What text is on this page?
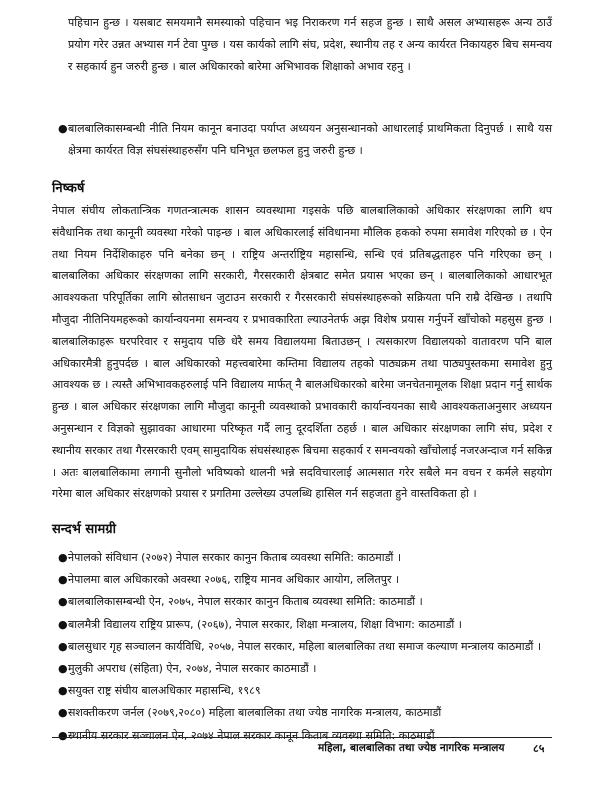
पहिचान हुन्छ । यसबाट समयमानै समस्याको पहिचान भइ निराकरण गर्न सहज हुन्छ । साथै असल अभ्यासहरू अन्य ठाउँ प्रयोग गरेर उन्नत अभ्यास गर्न टेवा पुग्छ । यस कार्यको लागि संघ, प्रदेश, स्थानीय तह र अन्य कार्यरत निकायहरु बिच समन्वय र सहकार्य हुन जरुरी हुन्छ । बाल अधिकारको बारेमा अभिभावक शिक्षाको अभाव रहनु ।

● बालबालिकासम्बन्धी नीति नियम कानून बनाउदा पर्याप्त अध्ययन अनुसन्धानको आधारलाई प्राथमिकता दिनुपर्छ । साथै यस क्षेत्रमा कार्यरत विज्ञ संघसंस्थाहरुसँग पनि घनिभूत छलफल हुनु जरुरी हुन्छ ।

निष्कर्ष

नेपाल संघीय लोकतान्त्रिक गणतन्त्रात्मक शासन व्यवस्थामा गइसके पछि बालबालिकाको अधिकार संरक्षणका लागि थप संवैधानिक तथा कानूनी व्यवस्था गरेको पाइन्छ । बाल अधिकारलाई संविधानमा मौलिक हकको रुपमा समावेश गरिएको छ । ऐन तथा नियम निर्देशिकाहरु पनि बनेका छन् । राष्ट्रिय अन्तर्राष्ट्रिय महासन्धि, सन्धि एवं प्रतिबद्धताहरु पनि गरिएका छन् । बालबालिका अधिकार संरक्षणका लागि सरकारी, गैरसरकारी क्षेत्रबाट समेत प्रयास भएका छन् । बालबालिकाको आधारभूत आवश्यकता परिपूर्तिका लागि स्रोतसाधन जुटाउन सरकारी र गैरसरकारी संघसंस्थाहरूको सक्रियता पनि राम्रै देखिन्छ । तथापि मौजुदा नीतिनियमहरूको कार्यान्वयनमा समन्वय र प्रभावकारिता ल्याउनेतर्फ अझ विशेष प्रयास गर्नुपर्ने खाँचोको महसुस हुन्छ । बालबालिकाहरू घरपरिवार र समुदाय पछि धेरै समय विद्यालयमा बिताउछन् । त्यसकारण विद्यालयको वातावरण पनि बाल अधिकारमैत्री हुनुपर्दछ । बाल अधिकारको महत्त्वबारेमा कम्तिमा विद्यालय तहको पाठ्यक्रम तथा पाठ्यपुस्तकमा समावेश हुनु आवश्यक छ । त्यस्तै अभिभावकहरुलाई पनि विद्यालय मार्फत् नै बालअधिकारको बारेमा जनचेतनामूलक शिक्षा प्रदान गर्नु सार्थक हुन्छ । बाल अधिकार संरक्षणका लागि मौजुदा कानूनी व्यवस्थाको प्रभावकारी कार्यान्वयनका साथै आवश्यकताअनुसार अध्ययन अनुसन्धान र विज्ञको सुझावका आधारमा परिष्कृत गर्दै लानु दूरदर्शिता ठहर्छ । बाल अधिकार संरक्षणका लागि संघ, प्रदेश र स्थानीय सरकार तथा गैरसरकारी एवम् सामुदायिक संघसंस्थाहरू बिचमा सहकार्य र समन्वयको खाँचोलाई नजरअन्दाज गर्न सकिन्न । अतः बालबालिकामा लगानी सुनौलो भविष्यको थालनी भन्ने सदविचारलाई आत्मसात गरेर सबैले मन वचन र कर्मले सहयोग गरेमा बाल अधिकार संरक्षणको प्रयास र प्रगतिमा उल्लेख्य उपलब्धि हासिल गर्न सहजता हुने वास्तविकता हो ।

सन्दर्भ सामग्री
● नेपालको संविधान (२०७२) नेपाल सरकार कानुन किताब व्यवस्था समिति: काठमाडौं ।
● नेपालमा बाल अधिकारको अवस्था २०७६, राष्ट्रिय मानव अधिकार आयोग, ललितपुर ।
● बालबालिकासम्बन्धी ऐन, २०७५, नेपाल सरकार कानुन किताब व्यवस्था समिति: काठमाडौं ।
● बालमैत्री विद्यालय राष्ट्रिय प्रारूप, (२०६७), नेपाल सरकार, शिक्षा मन्त्रालय, शिक्षा विभाग: काठमाडौं ।
● बालसुधार गृह सञ्चालन कार्यविधि, २०५७, नेपाल सरकार, महिला बालबालिका तथा समाज कल्याण मन्त्रालय काठमाडौं ।
● मुलुकी अपराध (संहिता) ऐन, २०७४, नेपाल सरकार काठमाडौं ।
● सयुक्त राष्ट्र संघीय बालअधिकार महासन्धि, १९८९
● सशक्तीकरण जर्नल (२०७९,२०८०) महिला बालबालिका तथा ज्येष्ठ नागरिक मन्त्रालय, काठमाडौं
● स्थानीय सरकार सञ्चालन ऐन, २०७४ नेपाल सरकार कानून किताब व्यवस्था समिति: काठमाडौं
महिला, बालबालिका तथा ज्येष्ठ नागरिक मन्त्रालय	८५
